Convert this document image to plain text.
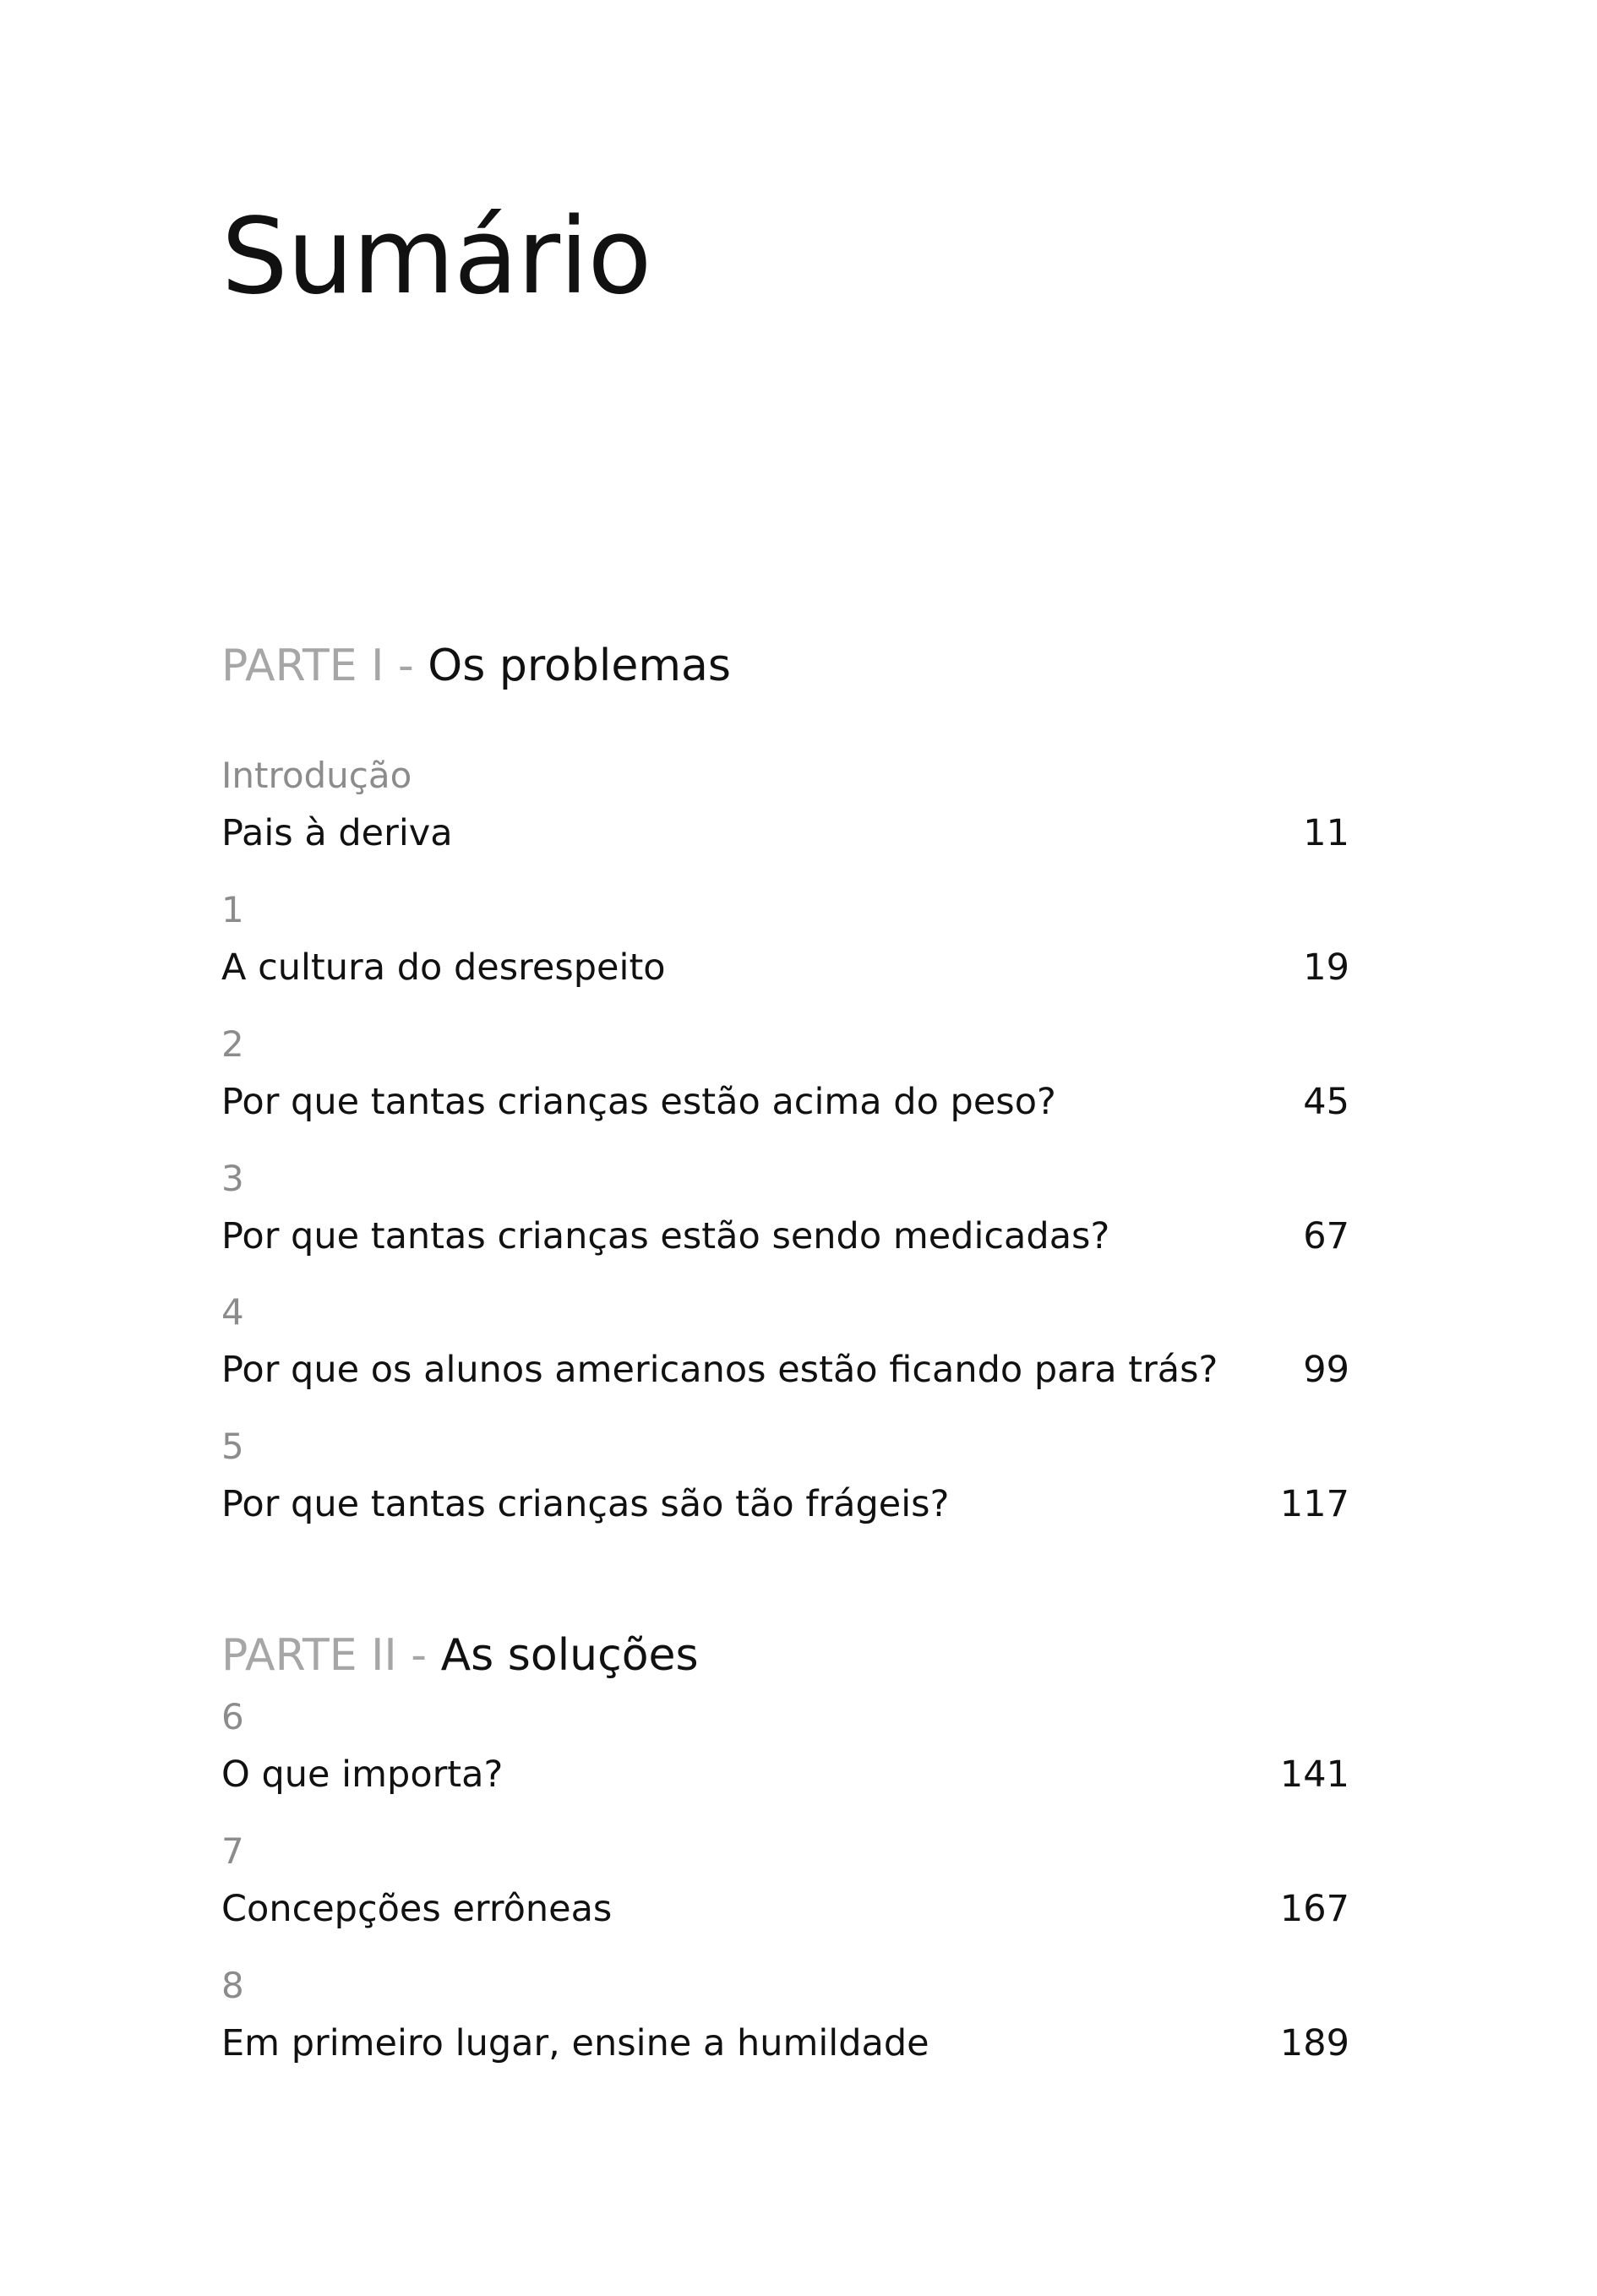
Sumário
PARTE I - Os problemas
Introdução
Pais à deriva	11
1
A cultura do desrespeito	19
2
Por que tantas crianças estão acima do peso?	45
3
Por que tantas crianças estão sendo medicadas?	67
4
Por que os alunos americanos estão ficando para trás? 99
5
Por que tantas crianças são tão frágeis?	117
PARTE II - As soluções
6
O que importa?	141
7
Concepções errôneas	167
8
Em primeiro lugar, ensine a humildade	189
